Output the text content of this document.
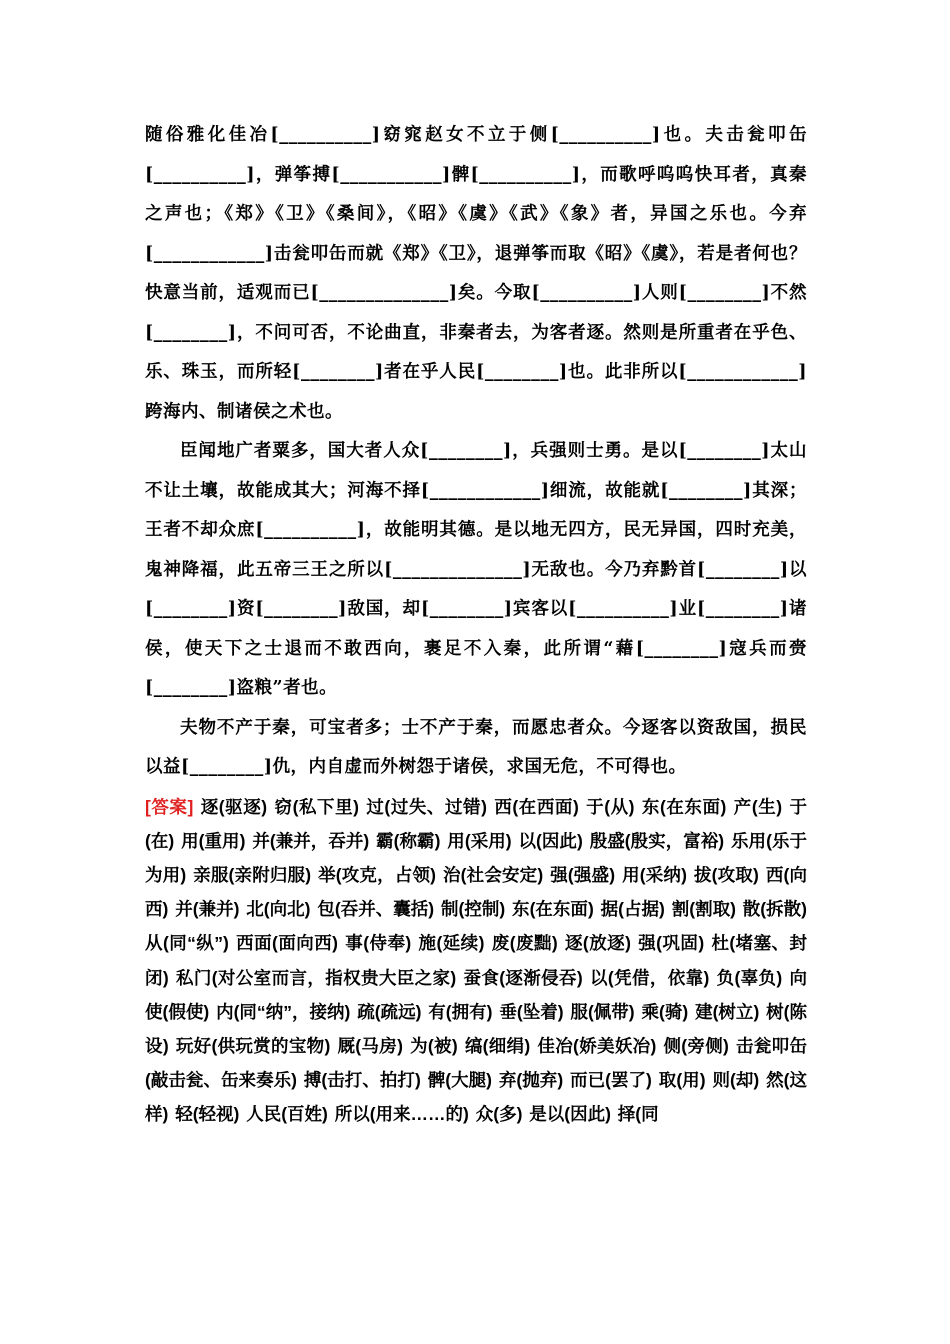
随俗雅化佳冶[__________]窈窕赵女不立于侧[__________]也。夫击瓮叩缶[__________]，弹筝搏[___________]髀[__________]，而歌呼呜呜快耳者，真秦之声也；《郑》《卫》《桑间》，《昭》《虞》《武》《象》者，异国之乐也。今弃[____________]击瓮叩缶而就《郑》《卫》，退弹筝而取《昭》《虞》，若是者何也？快意当前，适观而已[______________]矣。今取[__________]人则[________]不然[________]，不问可否，不论曲直，非秦者去，为客者逐。然则是所重者在乎色、乐、珠玉，而所轻[________]者在乎人民[________]也。此非所以[____________]跨海内、制诸侯之术也。

臣闻地广者粟多，国大者人众[________]，兵强则士勇。是以[________]太山不让土壤，故能成其大；河海不择[____________]细流，故能就[________]其深；王者不却众庶[__________]，故能明其德。是以地无四方，民无异国，四时充美，鬼神降福，此五帝三王之所以[______________]无敌也。今乃弃黔首[________]以[________]资[________]敌国，却[________]宾客以[__________]业[________]诸侯，使天下之士退而不敢西向，裹足不入秦，此所谓“藉[________]寇兵而赍[________]盗粮”者也。

夫物不产于秦，可宝者多；士不产于秦，而愿忠者众。今逐客以资敌国，损民以益[________]仇，内自虚而外树怨于诸侯，求国无危，不可得也。

[答案] 逐(驱逐) 窃(私下里) 过(过失、过错) 西(在西面) 于(从) 东(在东面) 产(生) 于(在) 用(重用) 并(兼并，吞并) 霸(称霸) 用(采用) 以(因此) 殷盛(殷实，富裕) 乐用(乐于为用) 亲服(亲附归服) 举(攻克，占领) 治(社会安定) 强(强盛) 用(采纳) 拔(攻取) 西(向西) 并(兼并) 北(向北) 包(吞并、囊括) 制(控制) 东(在东面) 据(占据) 割(割取) 散(拆散) 从(同“纵”) 西面(面向西) 事(侍奉) 施(延续) 废(废黜) 逐(放逐) 强(巩固) 杜(堵塞、封闭) 私门(对公室而言，指权贵大臣之家) 蚕食(逐渐侵吞) 以(凭借，依靠) 负(辜负) 向使(假使) 内(同“纳”，接纳) 疏(疏远) 有(拥有) 垂(坠着) 服(佩带) 乘(骑) 建(树立) 树(陈设) 玩好(供玩赏的宝物) 厩(马房) 为(被) 缟(细绢) 佳冶(娇美妖冶) 侧(旁侧) 击瓮叩缶(敲击瓮、缶来奏乐) 搏(击打、拍打) 髀(大腿) 弃(抛弃) 而已(罢了) 取(用) 则(却) 然(这样) 轻(轻视) 人民(百姓) 所以(用来……的) 众(多) 是以(因此) 择(同
